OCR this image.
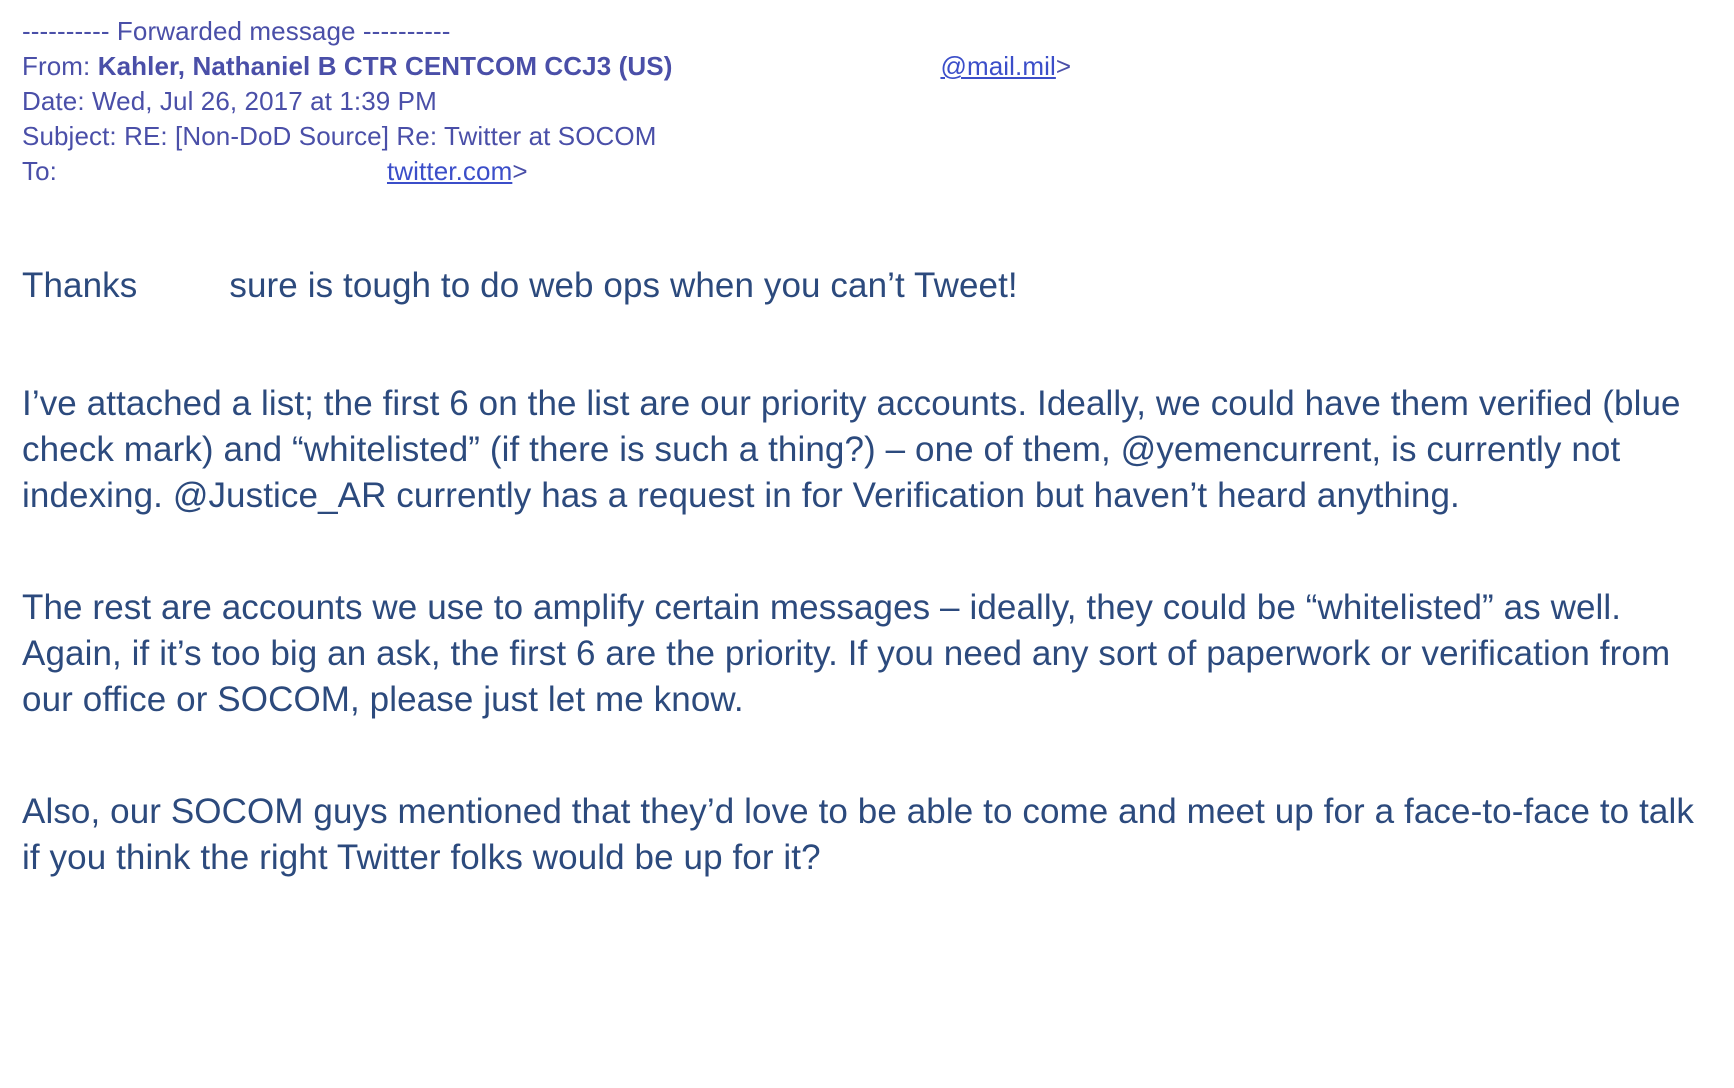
---------- Forwarded message ----------
From: Kahler, Nathaniel B CTR CENTCOM CCJ3 (US)	@mail.mil>
Date: Wed, Jul 26, 2017 at 1:39 PM
Subject: RE: [Non-DoD Source] Re: Twitter at SOCOM
To:	twitter.com>

Thanks	sure is tough to do web ops when you can’t Tweet!

I’ve attached a list; the first 6 on the list are our priority accounts. Ideally, we could have them verified (blue check mark) and “whitelisted” (if there is such a thing?) – one of them, @yemencurrent, is currently not indexing. @Justice_AR currently has a request in for Verification but haven’t heard anything.

The rest are accounts we use to amplify certain messages – ideally, they could be “whitelisted” as well. Again, if it’s too big an ask, the first 6 are the priority. If you need any sort of paperwork or verification from our office or SOCOM, please just let me know.

Also, our SOCOM guys mentioned that they’d love to be able to come and meet up for a face-to-face to talk if you think the right Twitter folks would be up for it?
